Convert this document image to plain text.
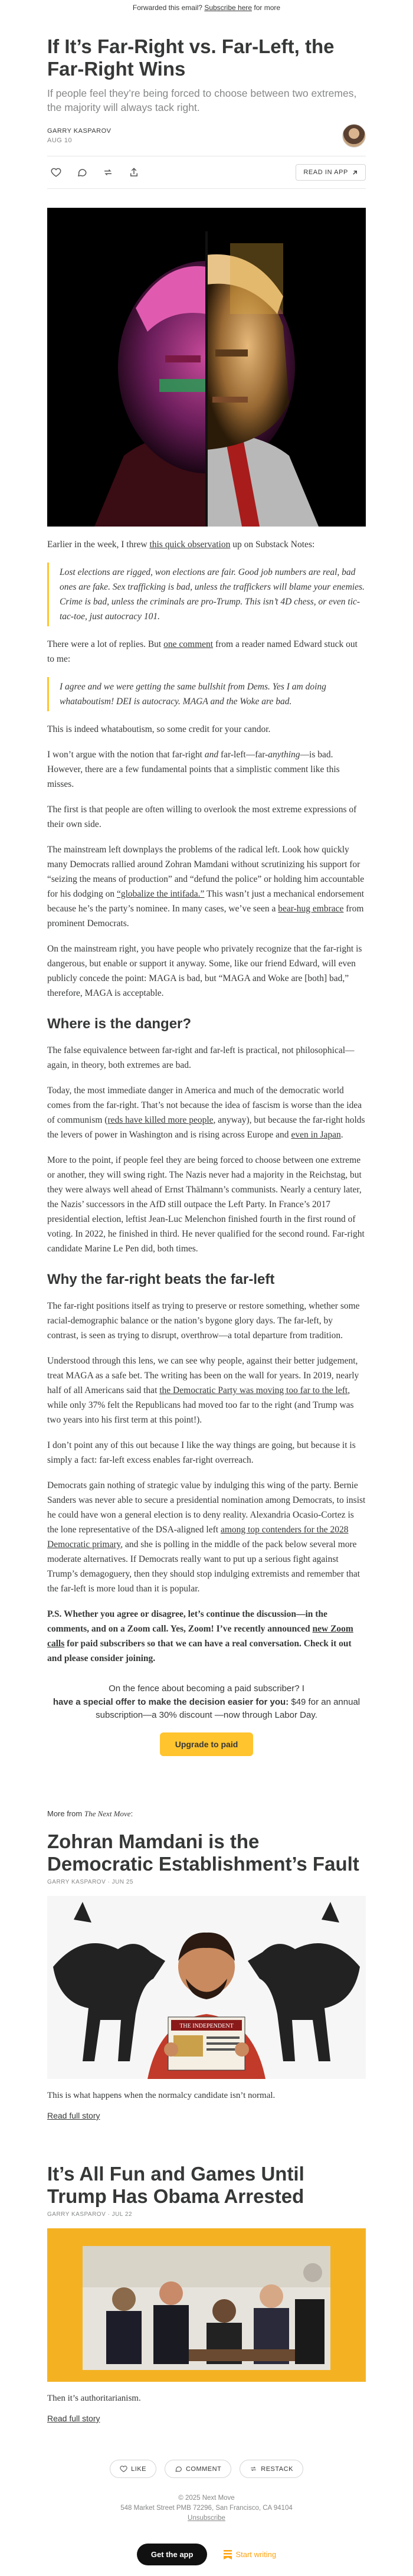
Forwarded this email? Subscribe here for more
If It’s Far-Right vs. Far-Left, the Far-Right Wins
If people feel they’re being forced to choose between two extremes, the majority will always tack right.
GARRY KASPAROV
AUG 10
READ IN APP

Earlier in the week, I threw this quick observation up on Substack Notes:

Lost elections are rigged, won elections are fair. Good job numbers are real, bad ones are fake. Sex trafficking is bad, unless the traffickers will blame your enemies. Crime is bad, unless the criminals are pro-Trump. This isn’t 4D chess, or even tic-tac-toe, just autocracy 101.

There were a lot of replies. But one comment from a reader named Edward stuck out to me:

I agree and we were getting the same bullshit from Dems. Yes I am doing whataboutism! DEI is autocracy. MAGA and the Woke are bad.

This is indeed whataboutism, so some credit for your candor.

I won’t argue with the notion that far-right and far-left—far-anything—is bad. However, there are a few fundamental points that a simplistic comment like this misses.

The first is that people are often willing to overlook the most extreme expressions of their own side.

The mainstream left downplays the problems of the radical left. Look how quickly many Democrats rallied around Zohran Mamdani without scrutinizing his support for “seizing the means of production” and “defund the police” or holding him accountable for his dodging on “globalize the intifada.” This wasn’t just a mechanical endorsement because he’s the party’s nominee. In many cases, we’ve seen a bear-hug embrace from prominent Democrats.

On the mainstream right, you have people who privately recognize that the far-right is dangerous, but enable or support it anyway. Some, like our friend Edward, will even publicly concede the point: MAGA is bad, but “MAGA and Woke are [both] bad,” therefore, MAGA is acceptable.

Where is the danger?

The false equivalence between far-right and far-left is practical, not philosophical—again, in theory, both extremes are bad.

Today, the most immediate danger in America and much of the democratic world comes from the far-right. That’s not because the idea of fascism is worse than the idea of communism (reds have killed more people, anyway), but because the far-right holds the levers of power in Washington and is rising across Europe and even in Japan.

More to the point, if people feel they are being forced to choose between one extreme or another, they will swing right. The Nazis never had a majority in the Reichstag, but they were always well ahead of Ernst Thälmann’s communists. Nearly a century later, the Nazis’ successors in the AfD still outpace the Left Party. In France’s 2017 presidential election, leftist Jean-Luc Melenchon finished fourth in the first round of voting. In 2022, he finished in third. He never qualified for the second round. Far-right candidate Marine Le Pen did, both times.

Why the far-right beats the far-left

The far-right positions itself as trying to preserve or restore something, whether some racial-demographic balance or the nation’s bygone glory days. The far-left, by contrast, is seen as trying to disrupt, overthrow—a total departure from tradition.

Understood through this lens, we can see why people, against their better judgement, treat MAGA as a safe bet. The writing has been on the wall for years. In 2019, nearly half of all Americans said that the Democratic Party was moving too far to the left, while only 37% felt the Republicans had moved too far to the right (and Trump was two years into his first term at this point!).

I don’t point any of this out because I like the way things are going, but because it is simply a fact: far-left excess enables far-right overreach.

Democrats gain nothing of strategic value by indulging this wing of the party. Bernie Sanders was never able to secure a presidential nomination among Democrats, to insist he could have won a general election is to deny reality. Alexandria Ocasio-Cortez is the lone representative of the DSA-aligned left among top contenders for the 2028 Democratic primary, and she is polling in the middle of the pack below several more moderate alternatives. If Democrats really want to put up a serious fight against Trump’s demagoguery, then they should stop indulging extremists and remember that the far-left is more loud than it is popular.

P.S. Whether you agree or disagree, let’s continue the discussion—in the comments, and on a Zoom call. Yes, Zoom! I’ve recently announced new Zoom calls for paid subscribers so that we can have a real conversation. Check it out and please consider joining.

On the fence about becoming a paid subscriber? I
have a special offer to make the decision easier for you: $49 for an annual subscription—a 30% discount —now through Labor Day.
Upgrade to paid
More from The Next Move:
Zohran Mamdani is the Democratic Establishment’s Fault
GARRY KASPAROV · JUN 25
THE INDEPENDENT
This is what happens when the normalcy candidate isn’t normal.
Read full story
It’s All Fun and Games Until Trump Has Obama Arrested
GARRY KASPAROV · JUL 22
Then it’s authoritarianism.
Read full story
LIKE	COMMENT	RESTACK
© 2025 Next Move
548 Market Street PMB 72296, San Francisco, CA 94104
Unsubscribe
Get the app	Start writing
